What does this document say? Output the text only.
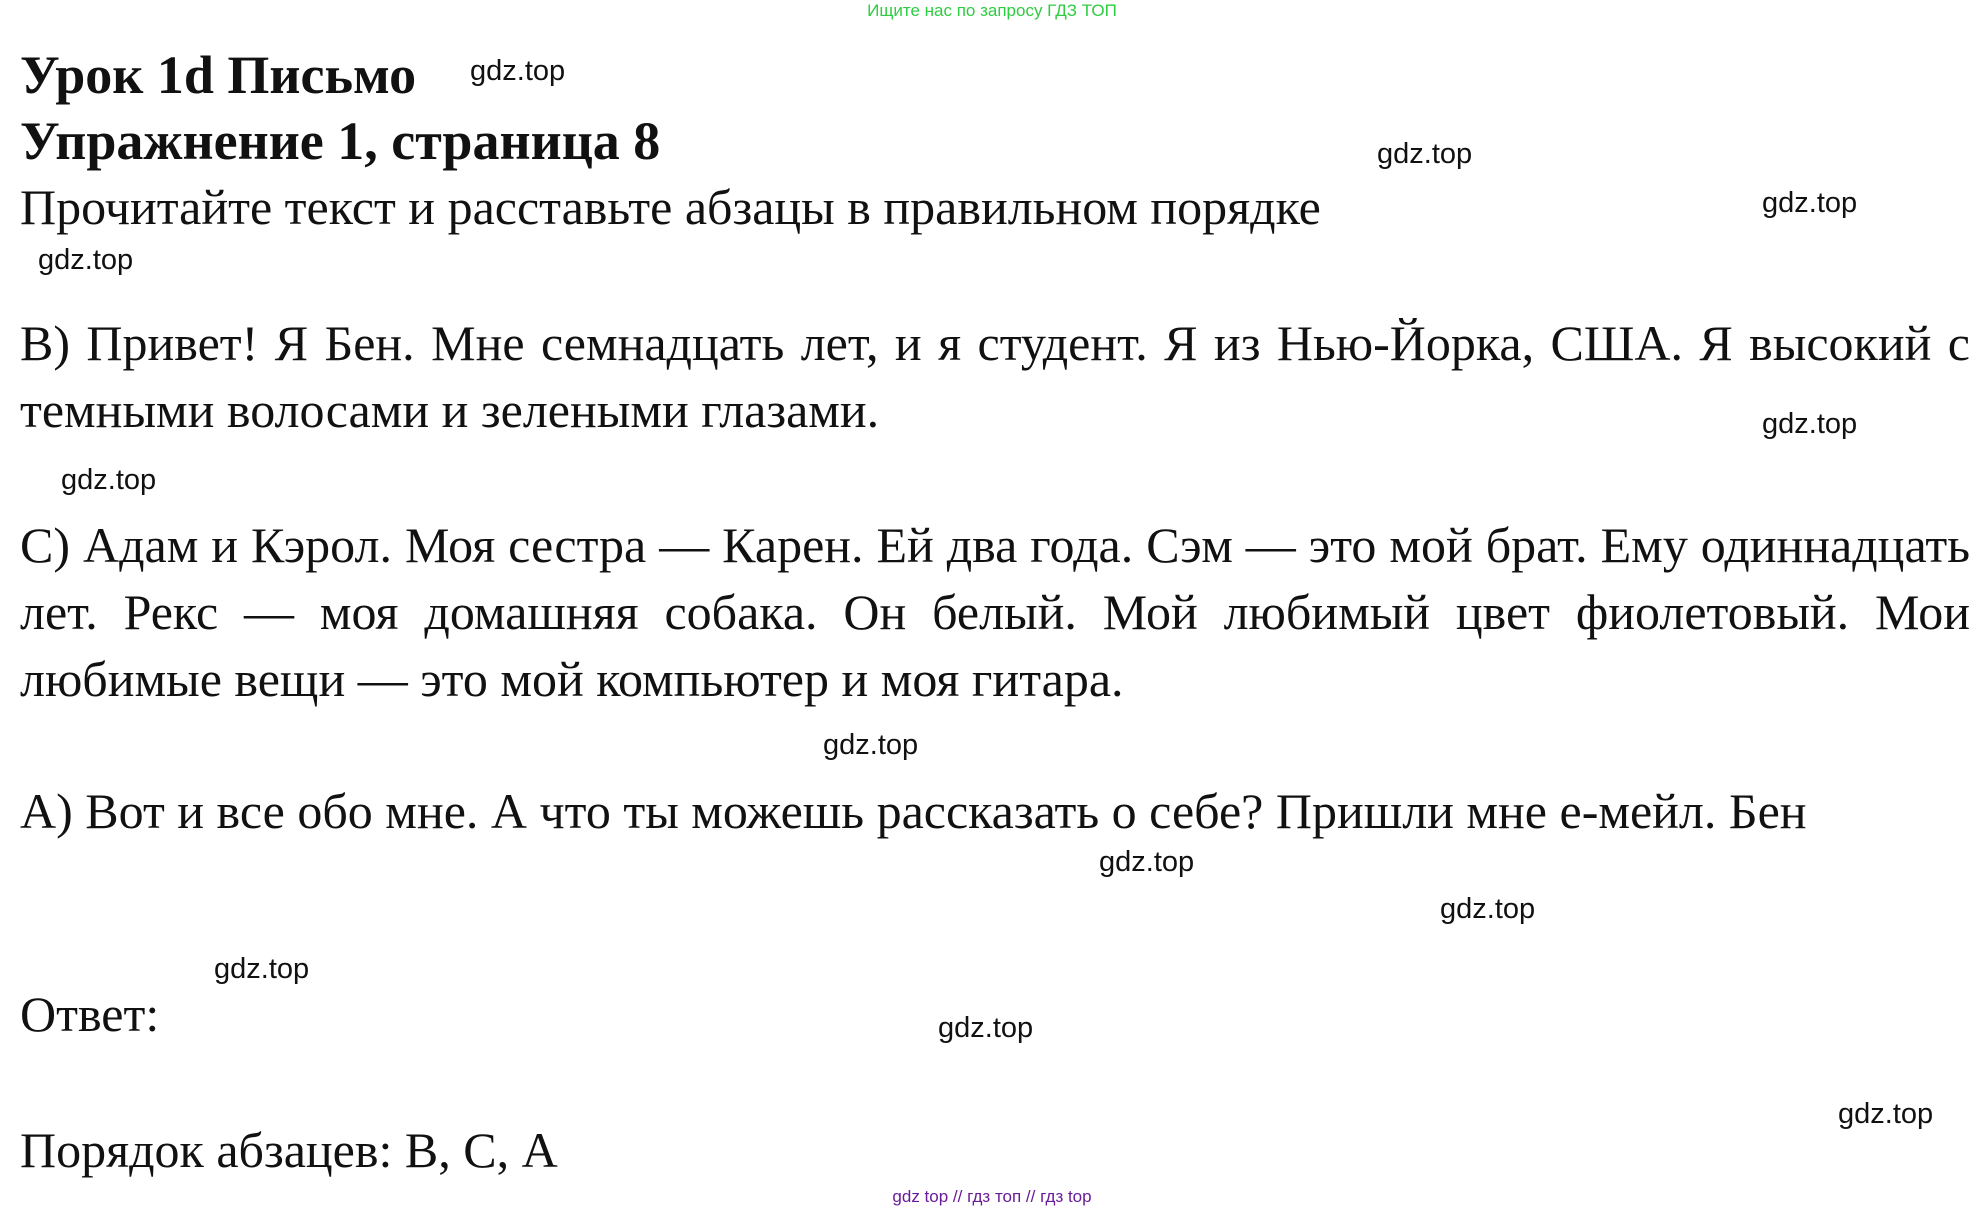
Ищите нас по запросу ГДЗ ТОП
Урок 1d Письмо
Упражнение 1, страница 8
Прочитайте текст и расставьте абзацы в правильном порядке
В) Привет! Я Бен. Мне семнадцать лет, и я студент. Я из Нью-Йорка, США. Я высокий с темными волосами и зелеными глазами.
С) Адам и Кэрол. Моя сестра — Карен. Ей два года. Сэм — это мой брат. Ему одиннадцать лет. Рекс — моя домашняя собака. Он белый. Мой любимый цвет фиолетовый. Мои любимые вещи — это мой компьютер и моя гитара.
А) Вот и все обо мне. А что ты можешь рассказать о себе? Пришли мне е-мейл. Бен
Ответ:
Порядок абзацев: В, С, А
gdz.top
gdz.top
gdz.top
gdz.top
gdz.top
gdz.top
gdz.top
gdz.top
gdz.top
gdz.top
gdz.top
gdz.top
gdz top // гдз топ // гдз top
